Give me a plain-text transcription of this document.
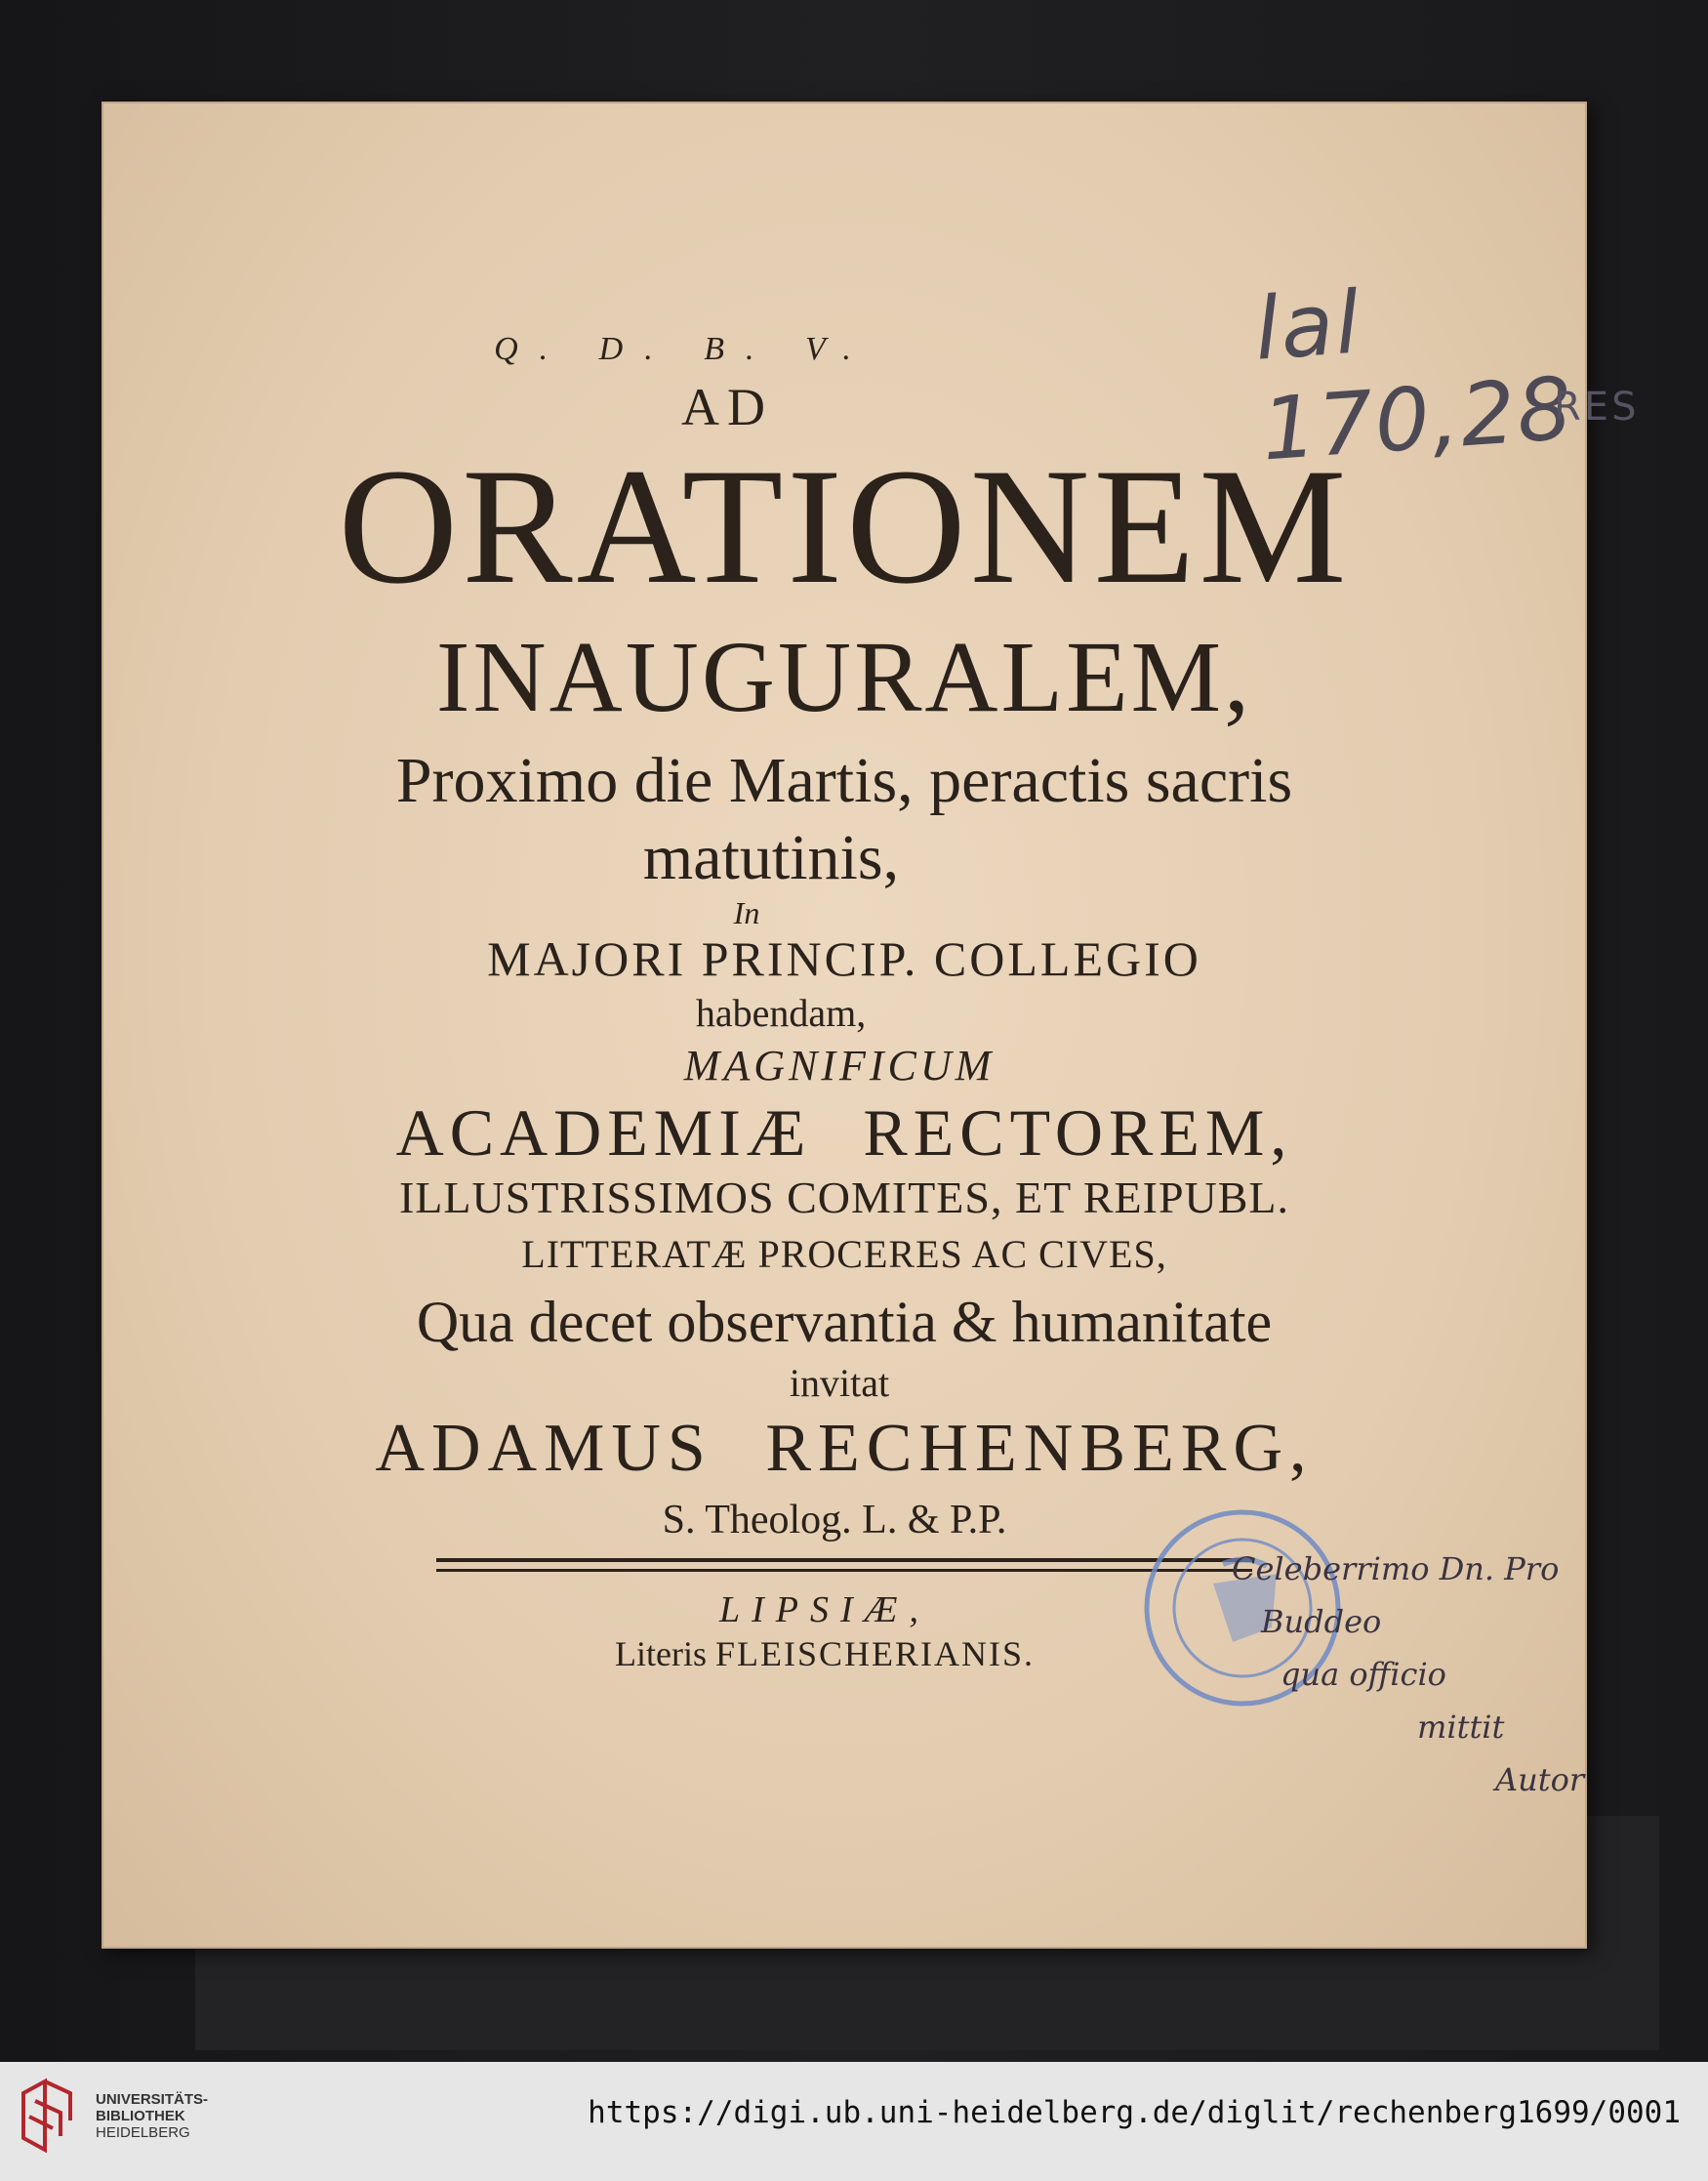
lal 170,28
RES
Q. D. B. V.
AD
ORATIONEM
INAUGURALEM,
Proximo die Martis, peractis sacris
matutinis,
In
MAJORI PRINCIP. COLLEGIO
habendam,
MAGNIFICUM
ACADEMIÆ RECTOREM,
ILLUSTRISSIMOS COMITES, ET REIPUBL.
LITTERATÆ PROCERES AC CIVES,
Qua decet observantia & humanitate
invitat
ADAMUS RECHENBERG,
S. Theolog. L. & P.P.
LIPSIÆ,
Literis FLEISCHERIANIS.
Celeberrimo Dn. Pro
Buddeo
qua officio
mittit
Autor
UNIVERSITÄTS-
BIBLIOTHEK
HEIDELBERG
https://digi.ub.uni-heidelberg.de/diglit/rechenberg1699/0001
